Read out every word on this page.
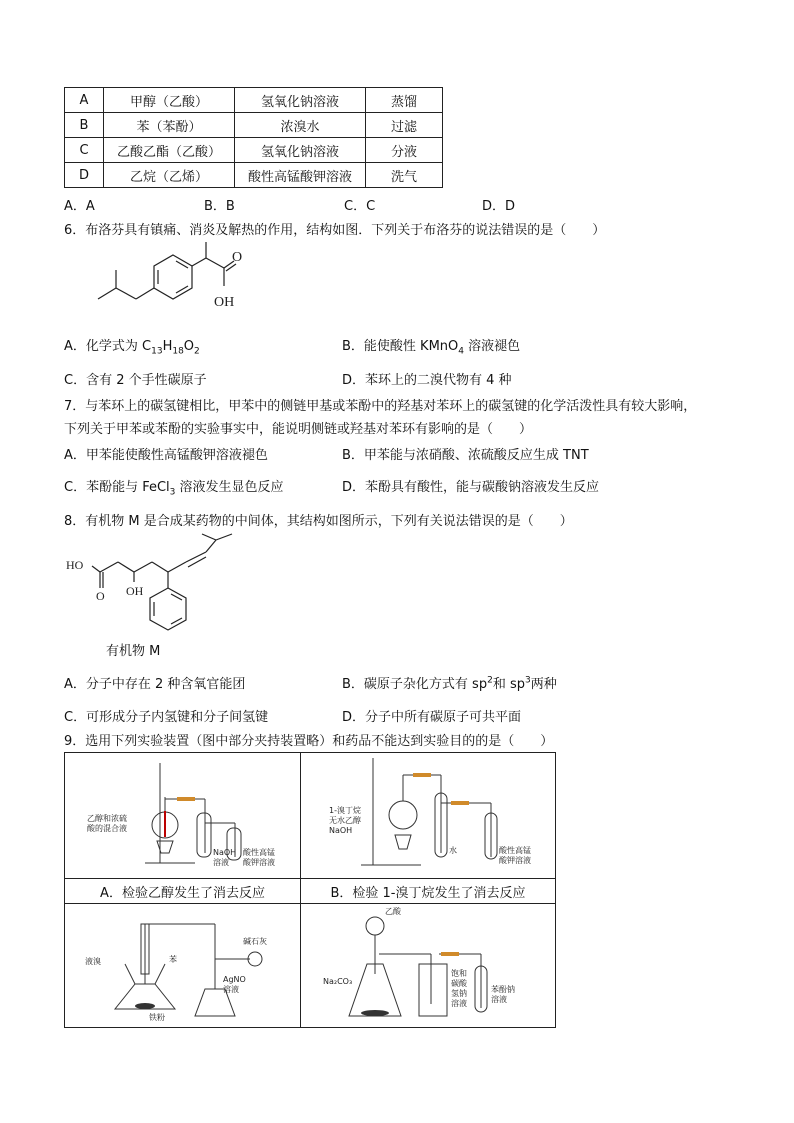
A	甲醇（乙酸）	氢氧化钠溶液	蒸馏
B	苯（苯酚）	浓溴水	过滤
C	乙酸乙酯（乙酸）	氢氧化钠溶液	分液
D	乙烷（乙烯）	酸性高锰酸钾溶液	洗气
A．A	B．B	C．C	D．D
6．布洛芬具有镇痛、消炎及解热的作用，结构如图．下列关于布洛芬的说法错误的是（　　）
O
OH
A．化学式为 $C_{13}H_{18}O_2$	B．能使酸性 KMnO$_4$ 溶液褪色
C．含有 2 个手性碳原子	D．苯环上的二溴代物有 4 种
7．与苯环上的碳氢键相比，甲苯中的侧链甲基或苯酚中的羟基对苯环上的碳氢键的化学活泼性具有较大影响，
下列关于甲苯或苯酚的实验事实中，能说明侧链或羟基对苯环有影响的是（　　）
A．甲苯能使酸性高锰酸钾溶液褪色	B．甲苯能与浓硝酸、浓硫酸反应生成 TNT
C．苯酚能与 FeCl$_3$ 溶液发生显色反应	D．苯酚具有酸性，能与碳酸钠溶液发生反应
8．有机物 M 是合成某药物的中间体，其结构如图所示，下列有关说法错误的是（　　）
HO
O OH
有机物 M
A．分子中存在 2 种含氧官能团	B．碳原子杂化方式有 $sp^2$和 $sp^3$两种
C．可形成分子内氢键和分子间氢键	D．分子中所有碳原子可共平面
9．选用下列实验装置（图中部分夹持装置略）和药品不能达到实验目的的是（　　）
乙醇和浓硫
酸的混合液
NaOH
溶液
酸性高锰
酸钾溶液
A．检验乙醇发生了消去反应
1-溴丁烷
无水乙醇
NaOH
水	酸性高锰
酸钾溶液
B．检验 1-溴丁烷发生了消去反应
液溴	苯
碱石灰
AgNO
溶液
铁粉
乙酸
Na₂CO₃
饱和
碳酸
氢钠
溶液
苯酚钠
溶液
